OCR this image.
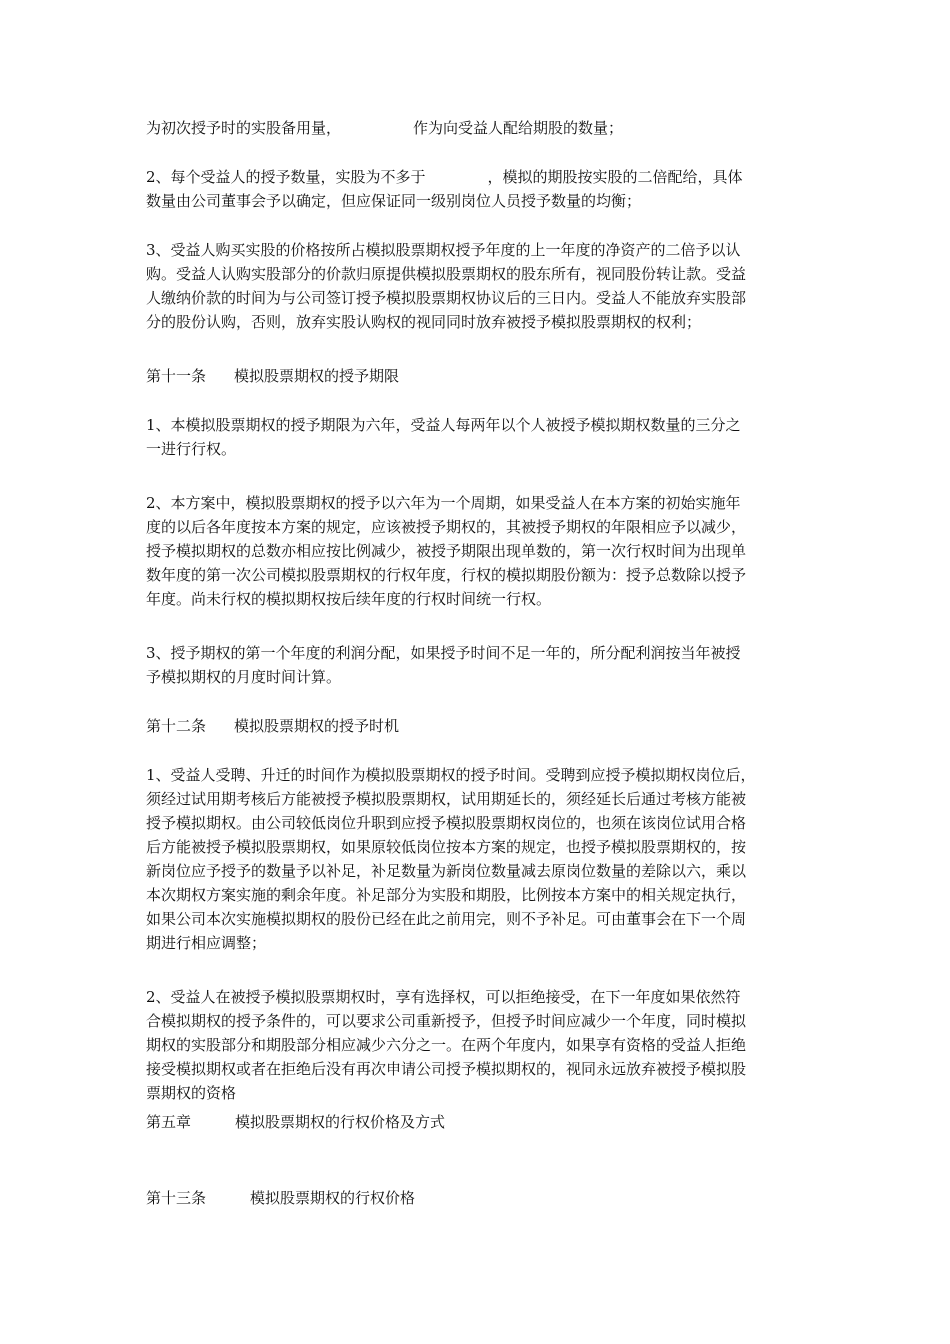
为初次授予时的实股备用量，	作为向受益人配给期股的数量；
2、每个受益人的授予数量，实股为不多于	，模拟的期股按实股的二倍配给，具体
数量由公司董事会予以确定，但应保证同一级别岗位人员授予数量的均衡；
3、受益人购买实股的价格按所占模拟股票期权授予年度的上一年度的净资产的二倍予以认
购。受益人认购实股部分的价款归原提供模拟股票期权的股东所有，视同股份转让款。受益
人缴纳价款的时间为与公司签订授予模拟股票期权协议后的三日内。受益人不能放弃实股部
分的股份认购，否则，放弃实股认购权的视同同时放弃被授予模拟股票期权的权利；
第十一条 模拟股票期权的授予期限
1、本模拟股票期权的授予期限为六年，受益人每两年以个人被授予模拟期权数量的三分之
一进行行权。
2、本方案中，模拟股票期权的授予以六年为一个周期，如果受益人在本方案的初始实施年
度的以后各年度按本方案的规定，应该被授予期权的，其被授予期权的年限相应予以减少，
授予模拟期权的总数亦相应按比例减少，被授予期限出现单数的，第一次行权时间为出现单
数年度的第一次公司模拟股票期权的行权年度，行权的模拟期股份额为：授予总数除以授予
年度。尚未行权的模拟期权按后续年度的行权时间统一行权。
3、授予期权的第一个年度的利润分配，如果授予时间不足一年的，所分配利润按当年被授
予模拟期权的月度时间计算。
第十二条 模拟股票期权的授予时机
1、受益人受聘、升迁的时间作为模拟股票期权的授予时间。受聘到应授予模拟期权岗位后，
须经过试用期考核后方能被授予模拟股票期权，试用期延长的，须经延长后通过考核方能被
授予模拟期权。由公司较低岗位升职到应授予模拟股票期权岗位的，也须在该岗位试用合格
后方能被授予模拟股票期权，如果原较低岗位按本方案的规定，也授予模拟股票期权的，按
新岗位应予授予的数量予以补足，补足数量为新岗位数量减去原岗位数量的差除以六，乘以
本次期权方案实施的剩余年度。补足部分为实股和期股，比例按本方案中的相关规定执行，
如果公司本次实施模拟期权的股份已经在此之前用完，则不予补足。可由董事会在下一个周
期进行相应调整；
2、受益人在被授予模拟股票期权时，享有选择权，可以拒绝接受，在下一年度如果依然符
合模拟期权的授予条件的，可以要求公司重新授予，但授予时间应减少一个年度，同时模拟
期权的实股部分和期股部分相应减少六分之一。在两个年度内，如果享有资格的受益人拒绝
接受模拟期权或者在拒绝后没有再次申请公司授予模拟期权的，视同永远放弃被授予模拟股
票期权的资格
第五章	模拟股票期权的行权价格及方式
第十三条	模拟股票期权的行权价格
